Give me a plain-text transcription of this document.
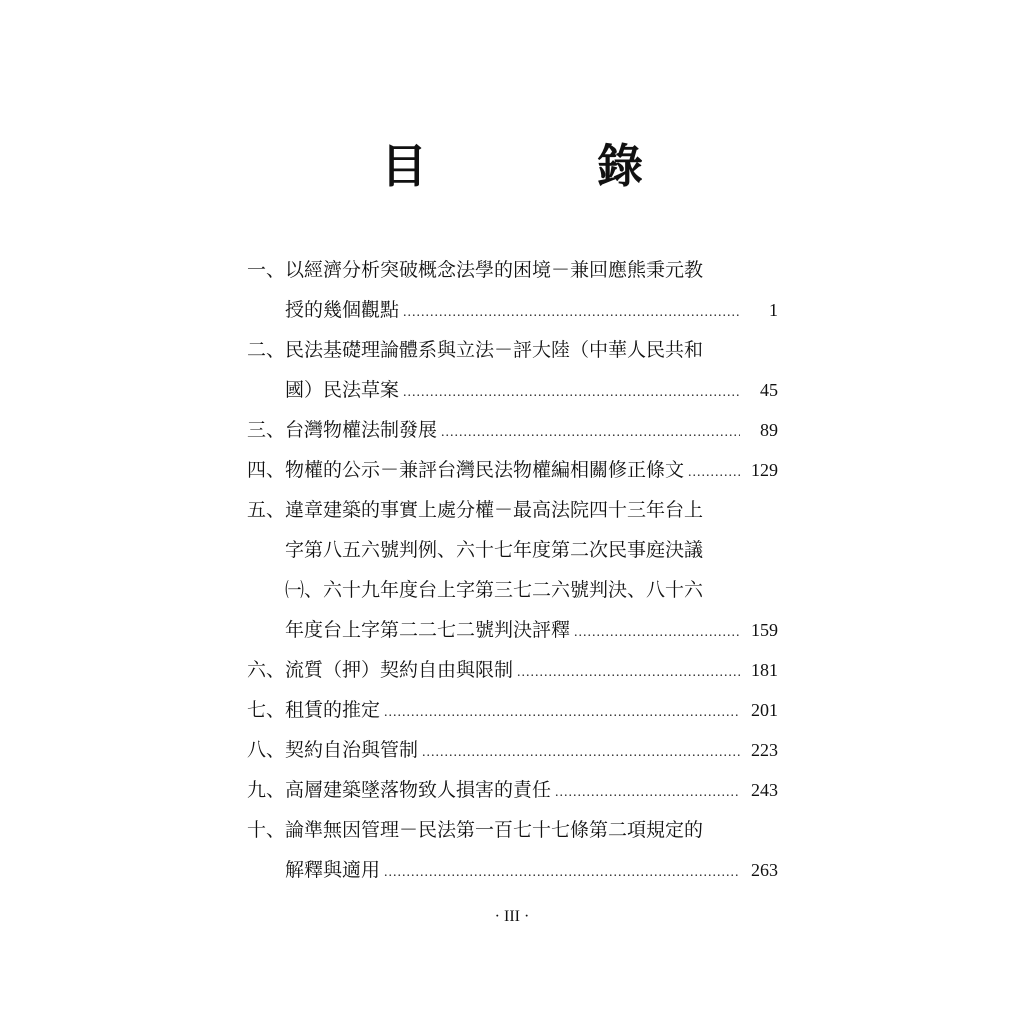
目　錄
一、 以經濟分析突破概念法學的困境－兼回應熊秉元教
授的幾個觀點 .....	1
二、 民法基礎理論體系與立法－評大陸（中華人民共和
國）民法草案 .....	45
三、 台灣物權法制發展 .....	89
四、 物權的公示－兼評台灣民法物權編相關修正條文 .....	129
五、 違章建築的事實上處分權－最高法院四十三年台上
字第八五六號判例、六十七年度第二次民事庭決議
㈠、六十九年度台上字第三七二六號判決、八十六
年度台上字第二二七二號判決評釋 .....	159
六、 流質（押）契約自由與限制 .....	181
七、 租賃的推定 .....	201
八、 契約自治與管制 .....	223
九、 高層建築墜落物致人損害的責任 .....	243
十、 論準無因管理－民法第一百七十七條第二項規定的
解釋與適用 .....	263
· III ·
